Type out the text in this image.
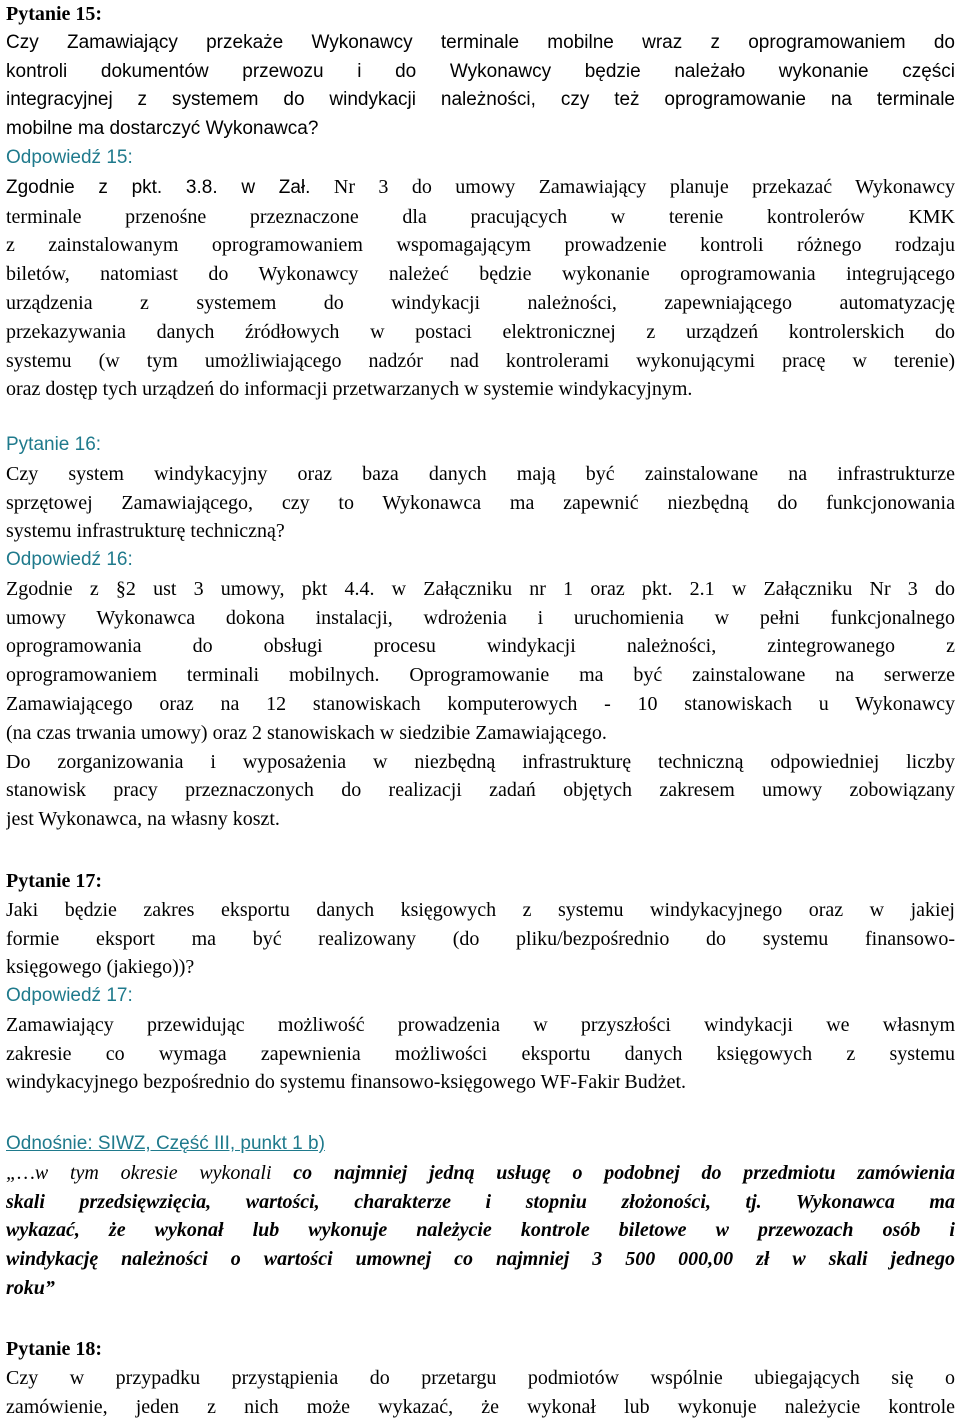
Pytanie 15:
Czy Zamawiający przekaże Wykonawcy terminale mobilne wraz z oprogramowaniem do
kontroli dokumentów przewozu i do Wykonawcy będzie należało wykonanie części
integracyjnej z systemem do windykacji należności, czy też oprogramowanie na terminale
mobilne ma dostarczyć Wykonawca?
Odpowiedź 15:
Zgodnie z pkt. 3.8. w Zał. Nr 3 do umowy Zamawiający planuje przekazać Wykonawcy
terminale przenośne przeznaczone dla pracujących w terenie kontrolerów KMK
z zainstalowanym oprogramowaniem wspomagającym prowadzenie kontroli różnego rodzaju
biletów, natomiast do Wykonawcy należeć będzie wykonanie oprogramowania integrującego
urządzenia z systemem do windykacji należności, zapewniającego automatyzację
przekazywania danych źródłowych w postaci elektronicznej z urządzeń kontrolerskich do
systemu (w tym umożliwiającego nadzór nad kontrolerami wykonującymi pracę w terenie)
oraz dostęp tych urządzeń do informacji przetwarzanych w systemie windykacyjnym.
Pytanie 16:
Czy system windykacyjny oraz baza danych mają być zainstalowane na infrastrukturze
sprzętowej Zamawiającego, czy to Wykonawca ma zapewnić niezbędną do funkcjonowania
systemu infrastrukturę techniczną?
Odpowiedź 16:
Zgodnie z §2 ust 3 umowy, pkt 4.4. w Załączniku nr 1 oraz pkt. 2.1 w Załączniku Nr 3 do
umowy Wykonawca dokona instalacji, wdrożenia i uruchomienia w pełni funkcjonalnego
oprogramowania do obsługi procesu windykacji należności, zintegrowanego z
oprogramowaniem terminali mobilnych. Oprogramowanie ma być zainstalowane na serwerze
Zamawiającego oraz na 12 stanowiskach komputerowych - 10 stanowiskach u Wykonawcy
(na czas trwania umowy) oraz 2 stanowiskach w siedzibie Zamawiającego.
Do zorganizowania i wyposażenia w niezbędną infrastrukturę techniczną odpowiedniej liczby
stanowisk pracy przeznaczonych do realizacji zadań objętych zakresem umowy zobowiązany
jest Wykonawca, na własny koszt.
Pytanie 17:
Jaki będzie zakres eksportu danych księgowych z systemu windykacyjnego oraz w jakiej
formie eksport ma być realizowany (do pliku/bezpośrednio do systemu finansowo-
księgowego (jakiego))?
Odpowiedź 17:
Zamawiający przewidując możliwość prowadzenia w przyszłości windykacji we własnym
zakresie co wymaga zapewnienia możliwości eksportu danych księgowych z systemu
windykacyjnego bezpośrednio do systemu finansowo-księgowego WF-Fakir Budżet.
Odnośnie: SIWZ, Część III, punkt 1 b)
„…w tym okresie wykonali co najmniej jedną usługę o podobnej do przedmiotu zamówienia
skali przedsięwzięcia, wartości, charakterze i stopniu złożoności, tj. Wykonawca ma
wykazać, że wykonał lub wykonuje należycie kontrole biletowe w przewozach osób i
windykację należności o wartości umownej co najmniej 3 500 000,00 zł w skali jednego
roku”
Pytanie 18:
Czy w przypadku przystąpienia do przetargu podmiotów wspólnie ubiegających się o
zamówienie, jeden z nich może wykazać, że wykonał lub wykonuje należycie kontrole
